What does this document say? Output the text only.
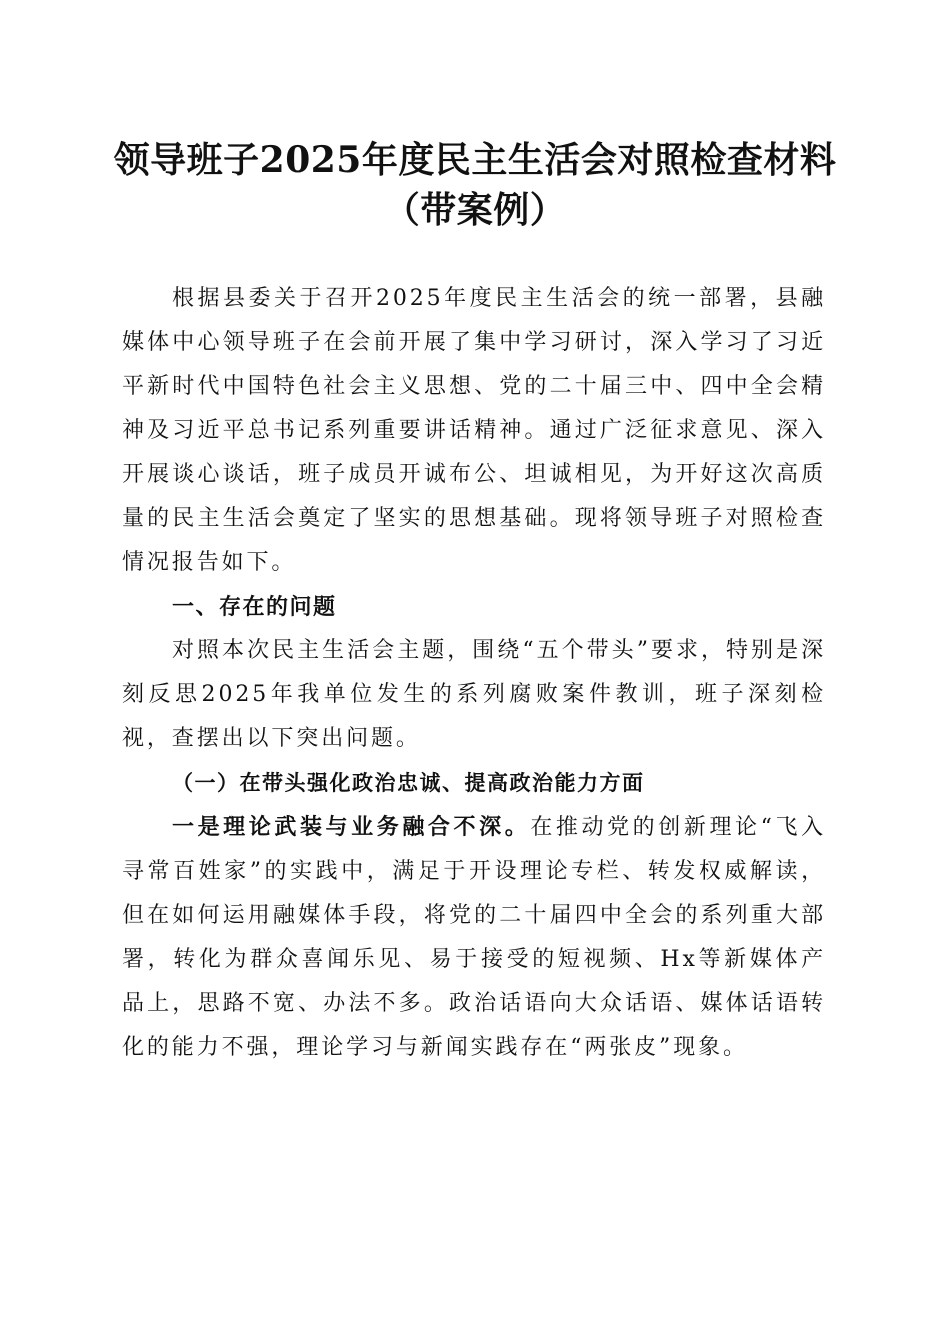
领导班子2025年度民主生活会对照检查材料
（带案例）

根据县委关于召开2025年度民主生活会的统一部署，县融媒体中心领导班子在会前开展了集中学习研讨，深入学习了习近平新时代中国特色社会主义思想、党的二十届三中、四中全会精神及习近平总书记系列重要讲话精神。通过广泛征求意见、深入开展谈心谈话，班子成员开诚布公、坦诚相见，为开好这次高质量的民主生活会奠定了坚实的思想基础。现将领导班子对照检查情况报告如下。

一、存在的问题

对照本次民主生活会主题，围绕“五个带头”要求，特别是深刻反思2025年我单位发生的系列腐败案件教训，班子深刻检视，查摆出以下突出问题。

（一）在带头强化政治忠诚、提高政治能力方面

一是理论武装与业务融合不深。在推动党的创新理论“飞入寻常百姓家”的实践中，满足于开设理论专栏、转发权威解读，但在如何运用融媒体手段，将党的二十届四中全会的系列重大部署，转化为群众喜闻乐见、易于接受的短视频、Hx等新媒体产品上，思路不宽、办法不多。政治话语向大众话语、媒体话语转化的能力不强，理论学习与新闻实践存在“两张皮”现象。
